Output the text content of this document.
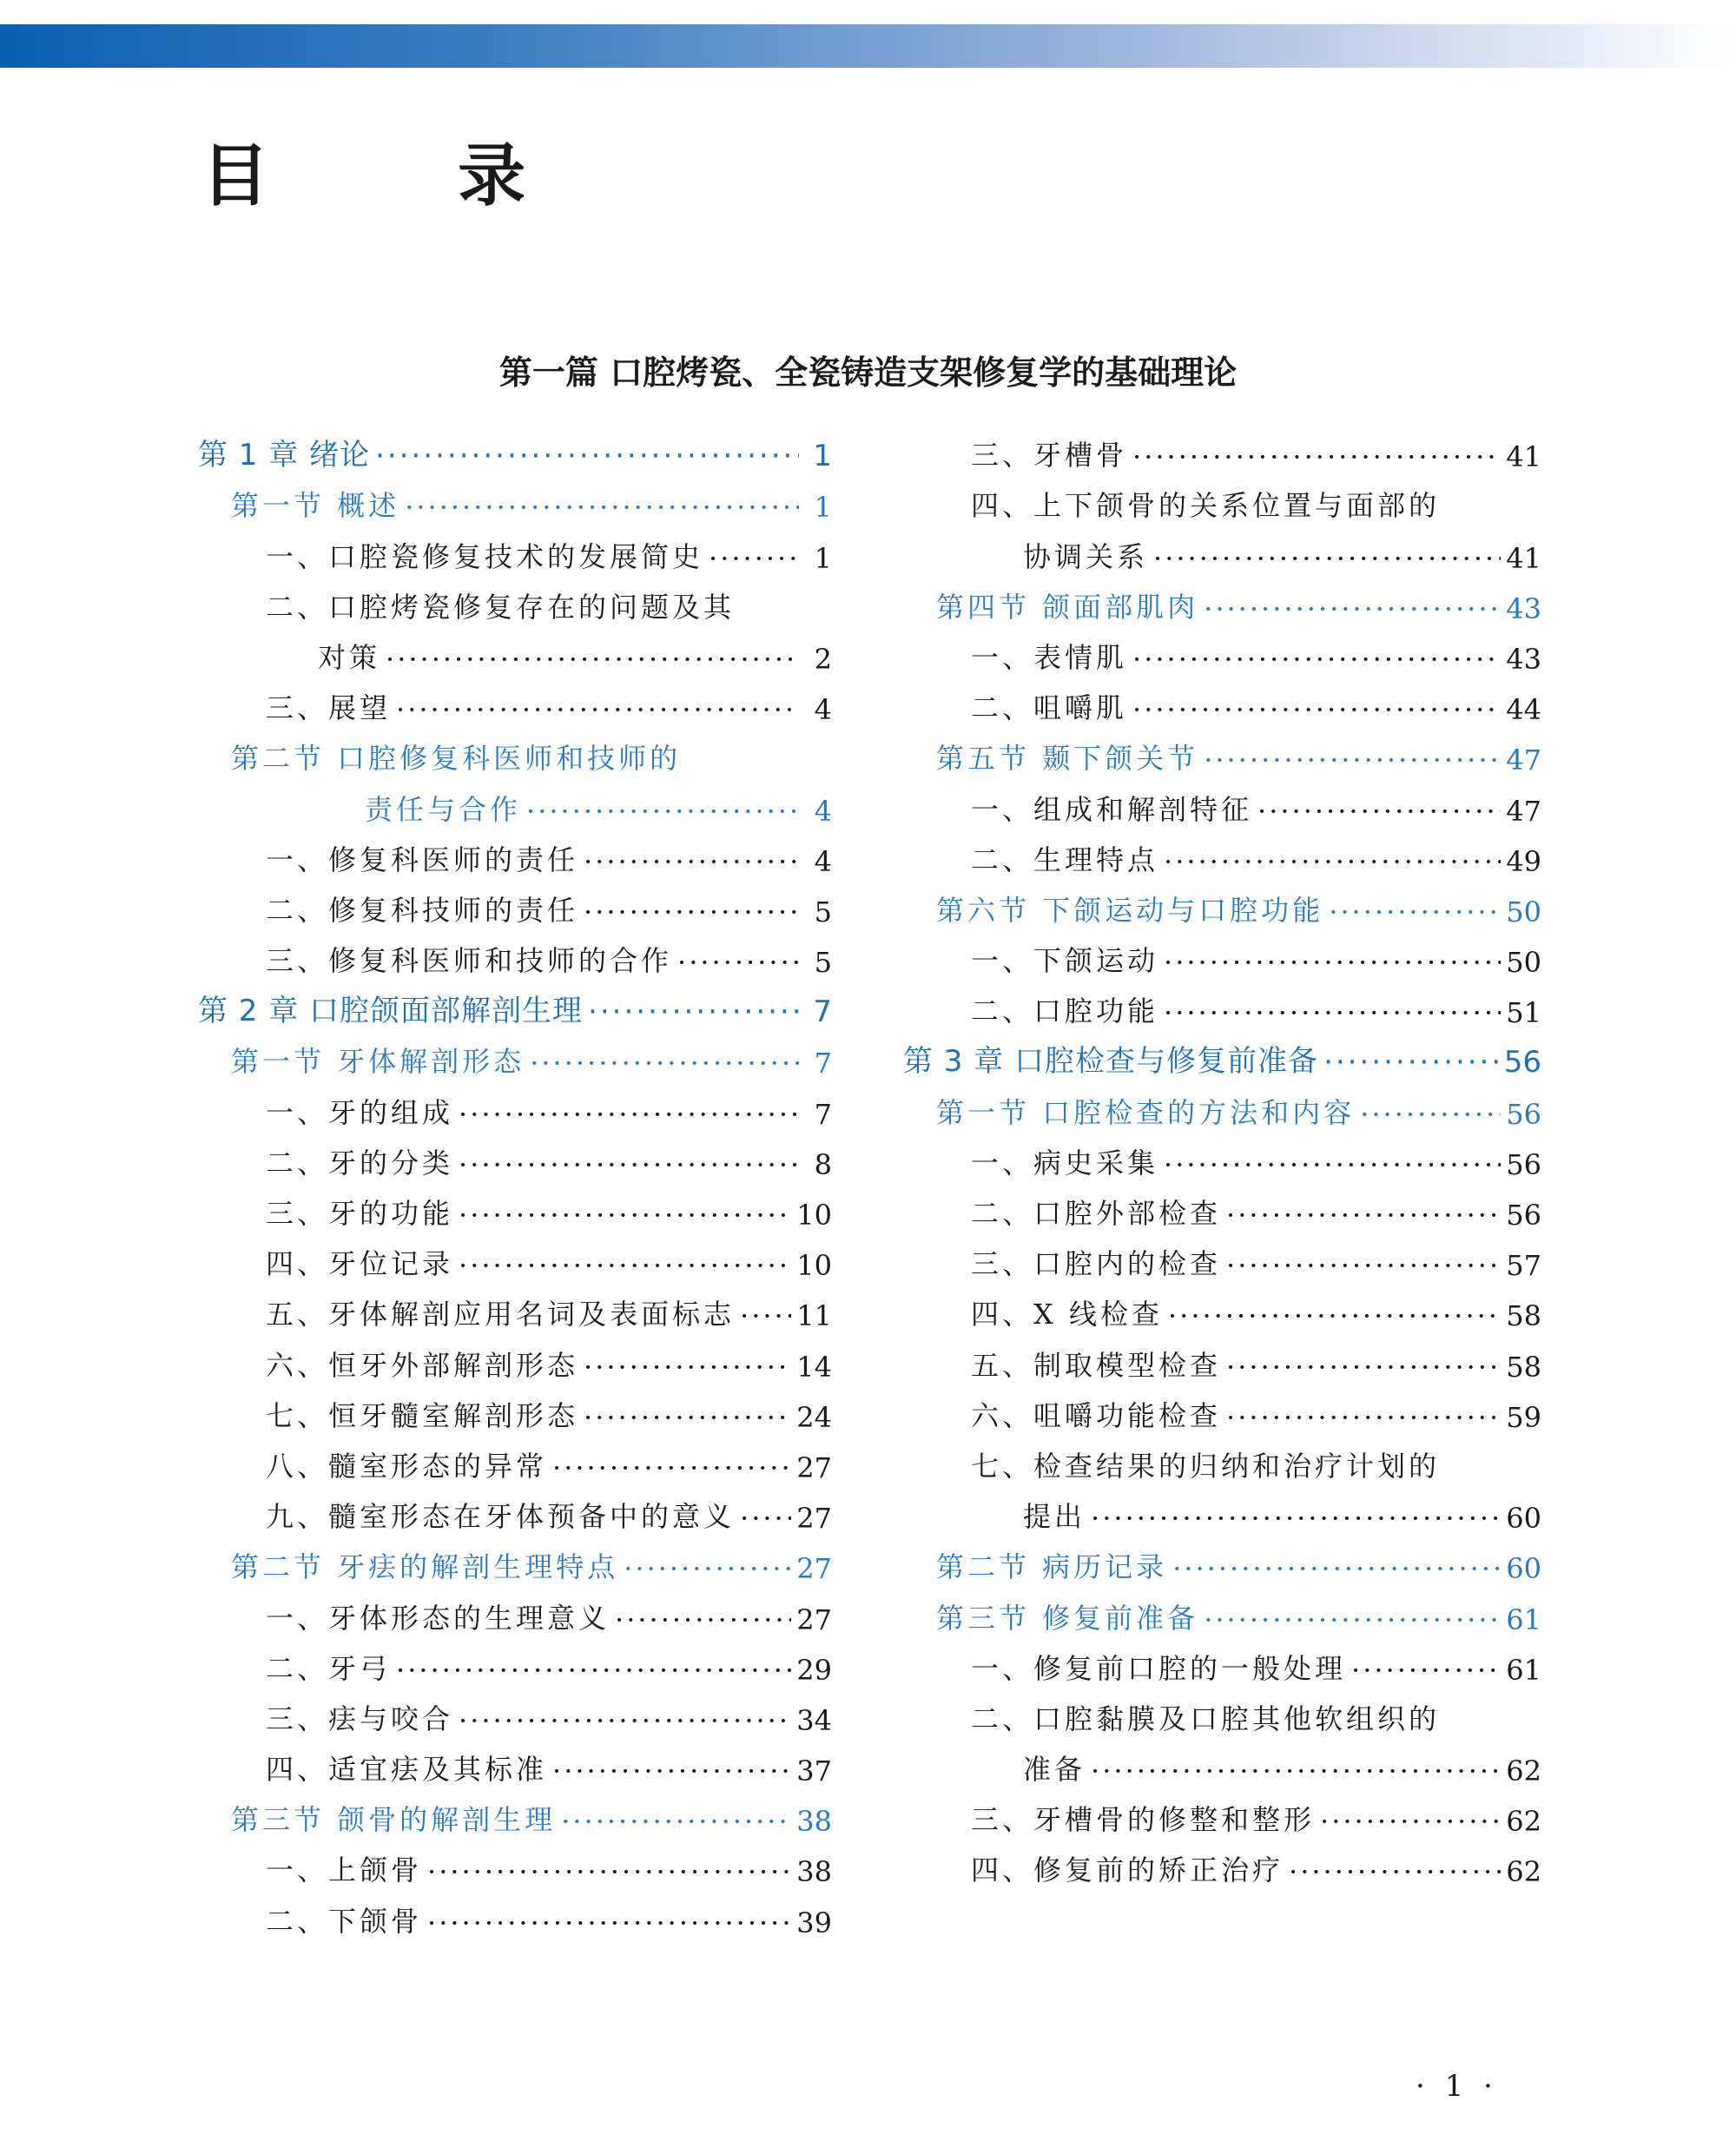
目 录
第一篇 口腔烤瓷、全瓷铸造支架修复学的基础理论
第 1 章 绪论 ·····	1
第一节 概述 ·····	1
一、口腔瓷修复技术的发展简史 ·····	1
二、口腔烤瓷修复存在的问题及其
对策 ·····	2
三、展望 ·····	4
第二节 口腔修复科医师和技师的
责任与合作 ·····	4
一、修复科医师的责任 ·····	4
二、修复科技师的责任 ·····	5
三、修复科医师和技师的合作 ·····	5
第 2 章 口腔颌面部解剖生理 ·····	7
第一节 牙体解剖形态 ·····	7
一、牙的组成 ·····	7
二、牙的分类 ·····	8
三、牙的功能 ·····	10
四、牙位记录 ·····	10
五、牙体解剖应用名词及表面标志 ····· 11
六、恒牙外部解剖形态 ·····	14
七、恒牙髓室解剖形态 ·····	24
八、髓室形态的异常 ·····	27
九、髓室形态在牙体预备中的意义 ····· 27
第二节 牙㾀的解剖生理特点 ·····	27
一、牙体形态的生理意义 ·····	27
二、牙弓 ·····	29
三、㾀与咬合 ·····	34
四、适宜㾀及其标准 ·····	37
第三节 颌骨的解剖生理 ·····	38
一、上颌骨 ·····	38
二、下颌骨 ·····	39
三、牙槽骨 ·····	41
四、上下颌骨的关系位置与面部的
协调关系 ·····	41
第四节 颌面部肌肉 ·····	43
一、表情肌 ·····	43
二、咀嚼肌 ·····	44
第五节 颞下颌关节 ·····	47
一、组成和解剖特征 ·····	47
二、生理特点 ·····	49
第六节 下颌运动与口腔功能 ·····	50
一、下颌运动 ·····	50
二、口腔功能 ·····	51
第 3 章 口腔检查与修复前准备 ·····	56
第一节 口腔检查的方法和内容 ·····	56
一、病史采集 ·····	56
二、口腔外部检查 ·····	56
三、口腔内的检查 ·····	57
四、X 线检查 ·····	58
五、制取模型检查 ·····	58
六、咀嚼功能检查 ·····	59
七、检查结果的归纳和治疗计划的
提出 ·····	60
第二节 病历记录 ·····	60
第三节 修复前准备 ·····	61
一、修复前口腔的一般处理 ·····	61
二、口腔黏膜及口腔其他软组织的
准备 ·····	62
三、牙槽骨的修整和整形 ·····	62
四、修复前的矫正治疗 ·····	62
· 1 ·
